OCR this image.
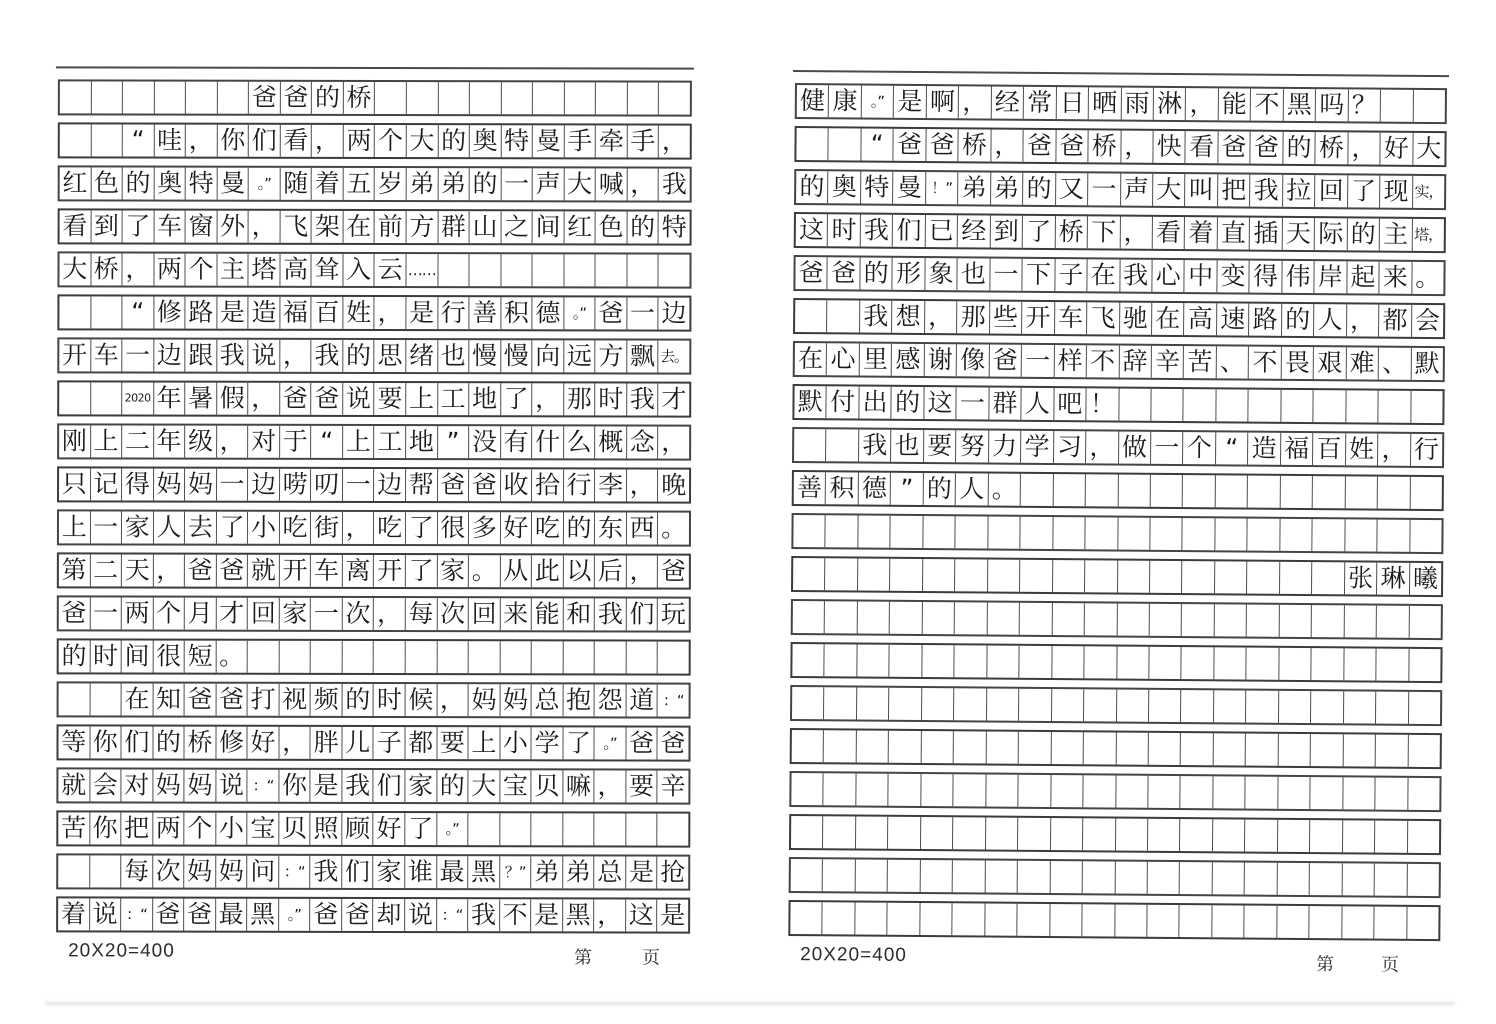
爸 爸 的 桥
“ 哇 ， 你 们 看 ， 两 个 大 的 奥 特 曼 手 牵 手 ，
红 色 的 奥 特 曼 。” 随 着 五 岁 弟 弟 的 一 声 大 喊 ， 我
看 到 了 车 窗 外 ， 飞 架 在 前 方 群 山 之 间 红 色 的 特
大 桥 ， 两 个 主 塔 高 耸 入 云 ……
“ 修 路 是 造 福 百 姓 ， 是 行 善 积 德 。” 爸 一 边
开 车 一 边 跟 我 说 ， 我 的 思 绪 也 慢 慢 向 远 方 飘 去。
2020 年 暑 假 ， 爸 爸 说 要 上 工 地 了 ， 那 时 我 才
刚 上 二 年 级 ， 对 于 “ 上 工 地 ” 没 有 什 么 概 念 ，
只 记 得 妈 妈 一 边 唠 叨 一 边 帮 爸 爸 收 拾 行 李 ， 晚
上 一 家 人 去 了 小 吃 街 ， 吃 了 很 多 好 吃 的 东 西 。
第 二 天 ， 爸 爸 就 开 车 离 开 了 家 。 从 此 以 后 ， 爸
爸 一 两 个 月 才 回 家 一 次 ， 每 次 回 来 能 和 我 们 玩
的 时 间 很 短 。
在 知 爸 爸 打 视 频 的 时 候 ， 妈 妈 总 抱 怨 道 ：“
等 你 们 的 桥 修 好 ， 胖 儿 子 都 要 上 小 学 了 。” 爸 爸
就 会 对 妈 妈 说 ：“ 你 是 我 们 家 的 大 宝 贝 嘛 ， 要 辛
苦 你 把 两 个 小 宝 贝 照 顾 好 了 。”
每 次 妈 妈 问 ：“ 我 们 家 谁 最 黑 ？” 弟 弟 总 是 抢
着 说 ：“ 爸 爸 最 黑 。” 爸 爸 却 说 ：“ 我 不 是 黑 ， 这 是
20X20=400	第	页
健 康 。” 是 啊 ， 经 常 日 晒 雨 淋 ， 能 不 黑 吗 ？
“ 爸 爸 桥 ， 爸 爸 桥 ， 快 看 爸 爸 的 桥 ， 好 大
的 奥 特 曼 ！” 弟 弟 的 又 一 声 大 叫 把 我 拉 回 了 现 实，
这 时 我 们 已 经 到 了 桥 下 ， 看 着 直 插 天 际 的 主 塔，
爸 爸 的 形 象 也 一 下 子 在 我 心 中 变 得 伟 岸 起 来 。
我 想 ， 那 些 开 车 飞 驰 在 高 速 路 的 人 ， 都 会
在 心 里 感 谢 像 爸 一 样 不 辞 辛 苦 、 不 畏 艰 难 、 默
默 付 出 的 这 一 群 人 吧 ！
我 也 要 努 力 学 习 ， 做 一 个 “ 造 福 百 姓 ， 行
善 积 德 ” 的 人 。
张 琳 曦
20X20=400	第	页
